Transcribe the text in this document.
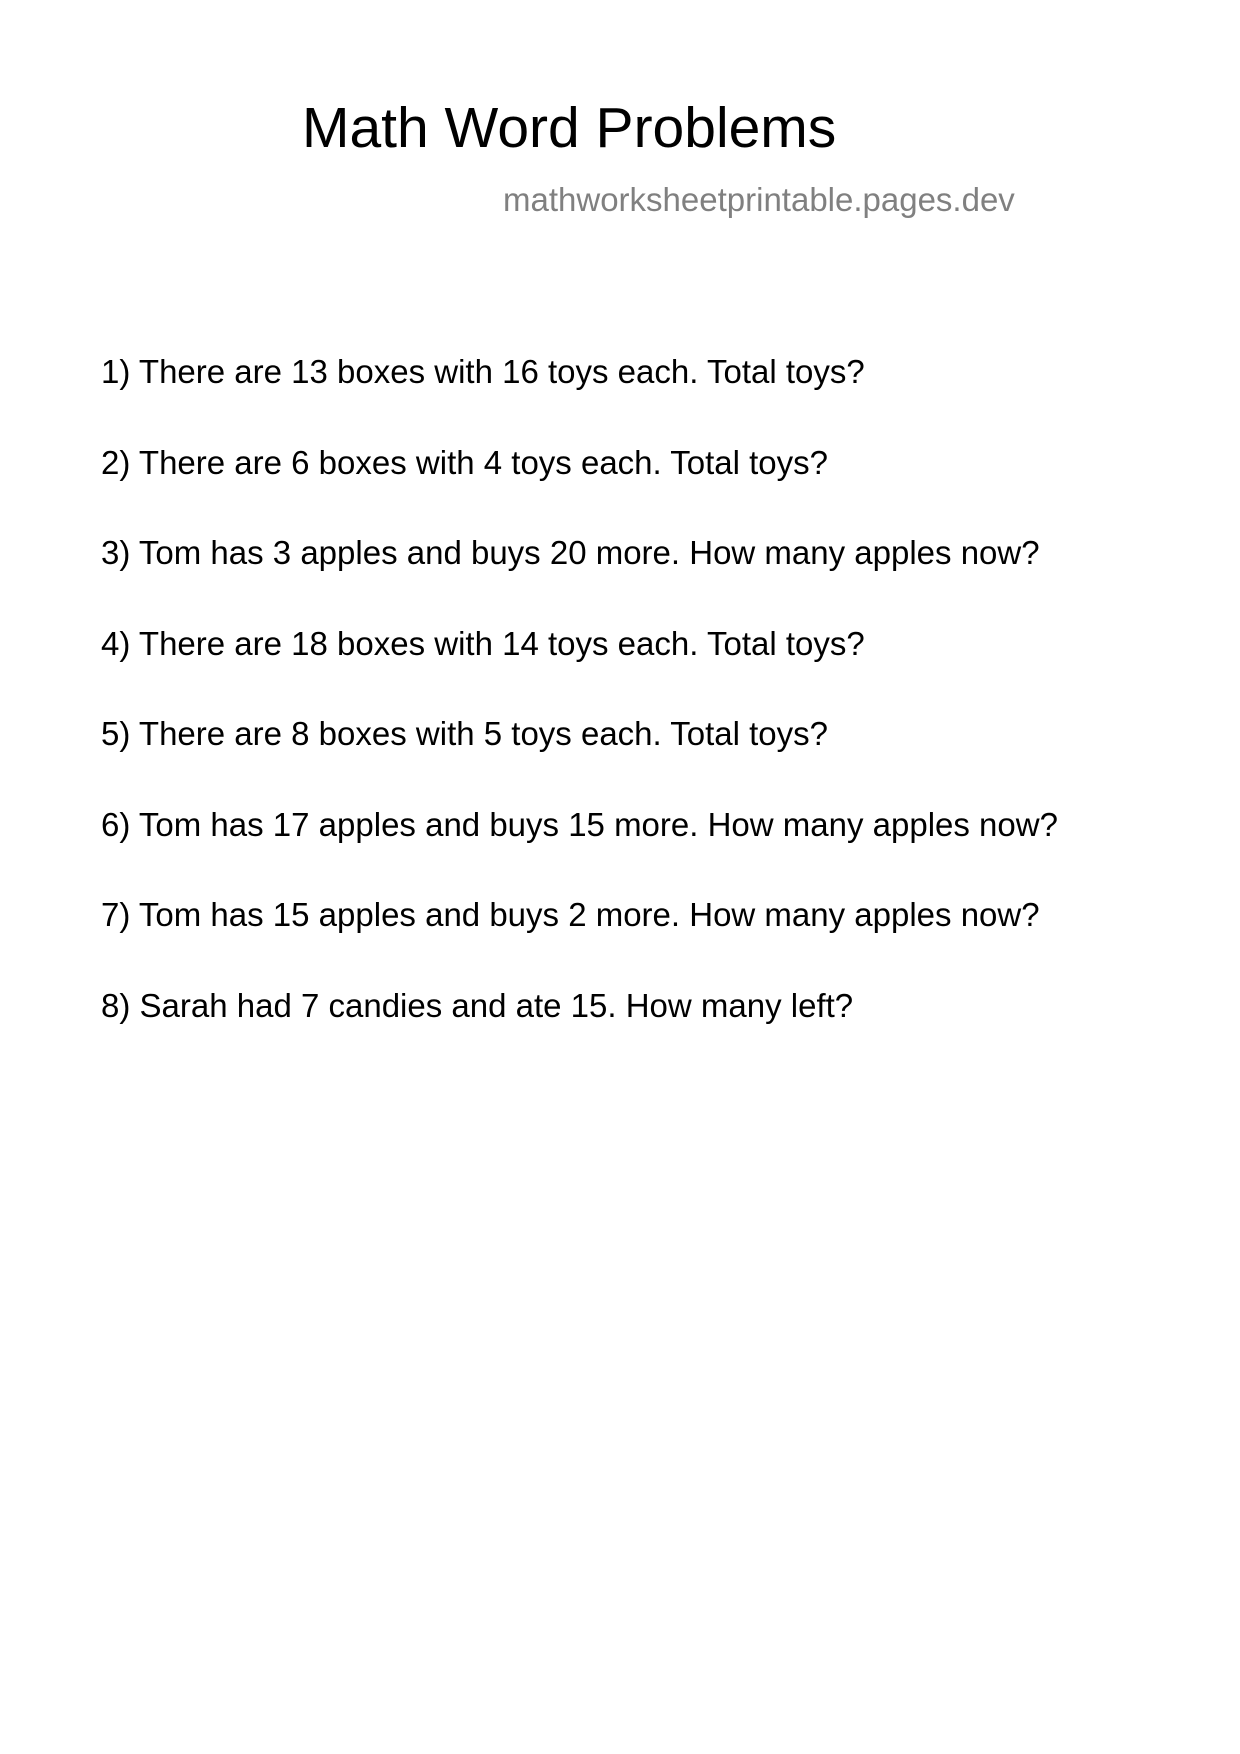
Math Word Problems
mathworksheetprintable.pages.dev
1) There are 13 boxes with 16 toys each. Total toys?
2) There are 6 boxes with 4 toys each. Total toys?
3) Tom has 3 apples and buys 20 more. How many apples now?
4) There are 18 boxes with 14 toys each. Total toys?
5) There are 8 boxes with 5 toys each. Total toys?
6) Tom has 17 apples and buys 15 more. How many apples now?
7) Tom has 15 apples and buys 2 more. How many apples now?
8) Sarah had 7 candies and ate 15. How many left?
